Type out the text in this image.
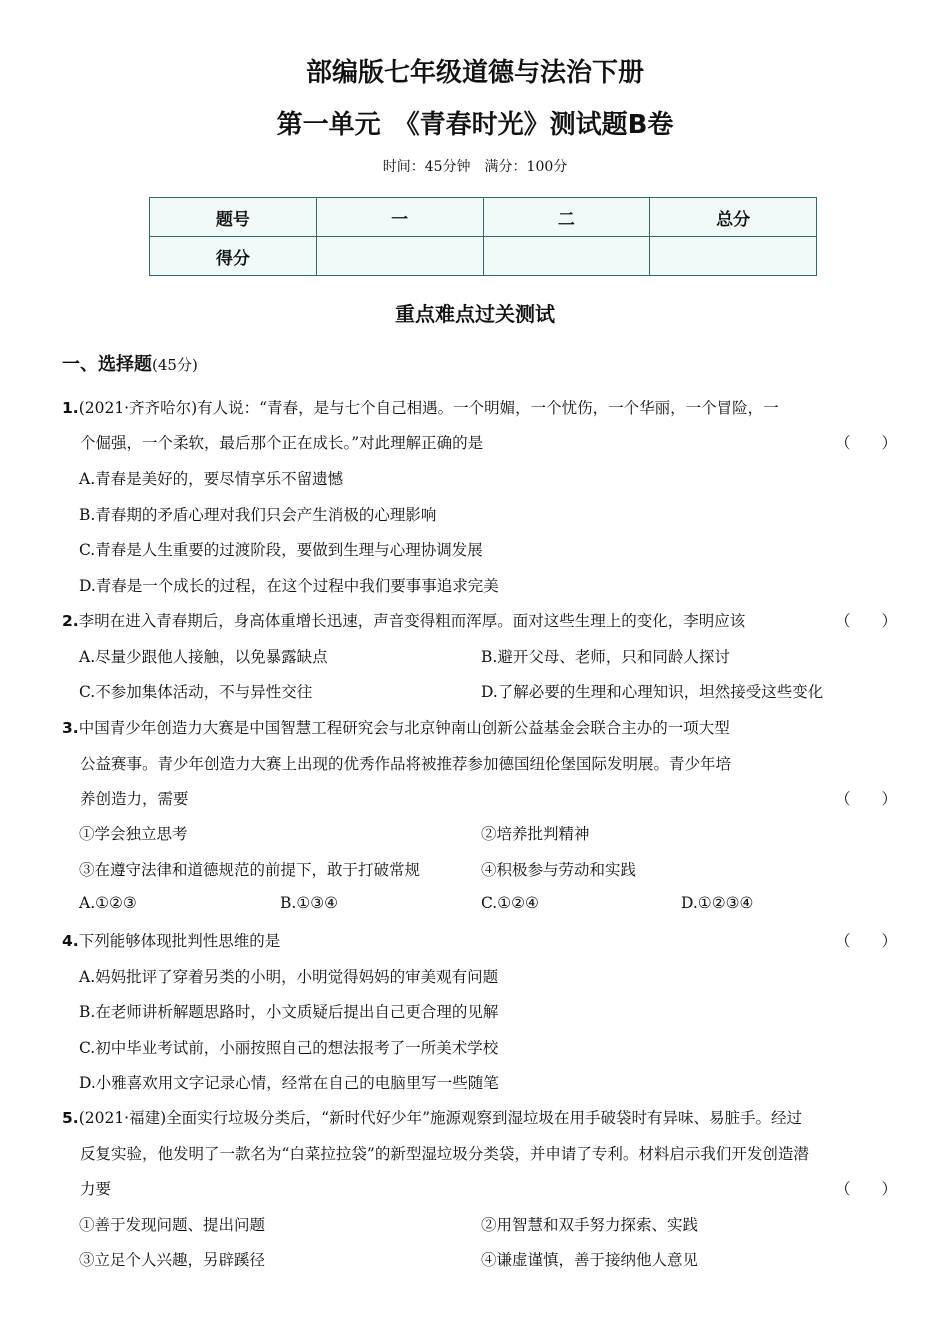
部编版七年级道德与法治下册
第一单元　《青春时光》测试题B卷
时间：45分钟　满分：100分
题号	一	二	总分
得分			
重点难点过关测试
一、选择题(45分)
1.(2021·齐齐哈尔)有人说：“青春，是与七个自己相遇。一个明媚，一个忧伤，一个华丽，一个冒险，一
个倔强，一个柔软，最后那个正在成长。”对此理解正确的是	（　　）
A.青春是美好的，要尽情享乐不留遗憾
B.青春期的矛盾心理对我们只会产生消极的心理影响
C.青春是人生重要的过渡阶段，要做到生理与心理协调发展
D.青春是一个成长的过程，在这个过程中我们要事事追求完美
2.李明在进入青春期后，身高体重增长迅速，声音变得粗而浑厚。面对这些生理上的变化，李明应该	（　　）
A.尽量少跟他人接触，以免暴露缺点	B.避开父母、老师，只和同龄人探讨
C.不参加集体活动，不与异性交往	D.了解必要的生理和心理知识，坦然接受这些变化
3.中国青少年创造力大赛是中国智慧工程研究会与北京钟南山创新公益基金会联合主办的一项大型
公益赛事。青少年创造力大赛上出现的优秀作品将被推荐参加德国纽伦堡国际发明展。青少年培
养创造力，需要	（　　）
①学会独立思考	②培养批判精神
③在遵守法律和道德规范的前提下，敢于打破常规	④积极参与劳动和实践
A.①②③	B.①③④	C.①②④	D.①②③④
4.下列能够体现批判性思维的是	（　　）
A.妈妈批评了穿着另类的小明，小明觉得妈妈的审美观有问题
B.在老师讲析解题思路时，小文质疑后提出自己更合理的见解
C.初中毕业考试前，小丽按照自己的想法报考了一所美术学校
D.小雅喜欢用文字记录心情，经常在自己的电脑里写一些随笔
5.(2021·福建)全面实行垃圾分类后，“新时代好少年”施源观察到湿垃圾在用手破袋时有异味、易脏手。经过
反复实验，他发明了一款名为“白菜拉拉袋”的新型湿垃圾分类袋，并申请了专利。材料启示我们开发创造潜
力要	（　　）
①善于发现问题、提出问题	②用智慧和双手努力探索、实践
③立足个人兴趣，另辟蹊径	④谦虚谨慎，善于接纳他人意见
